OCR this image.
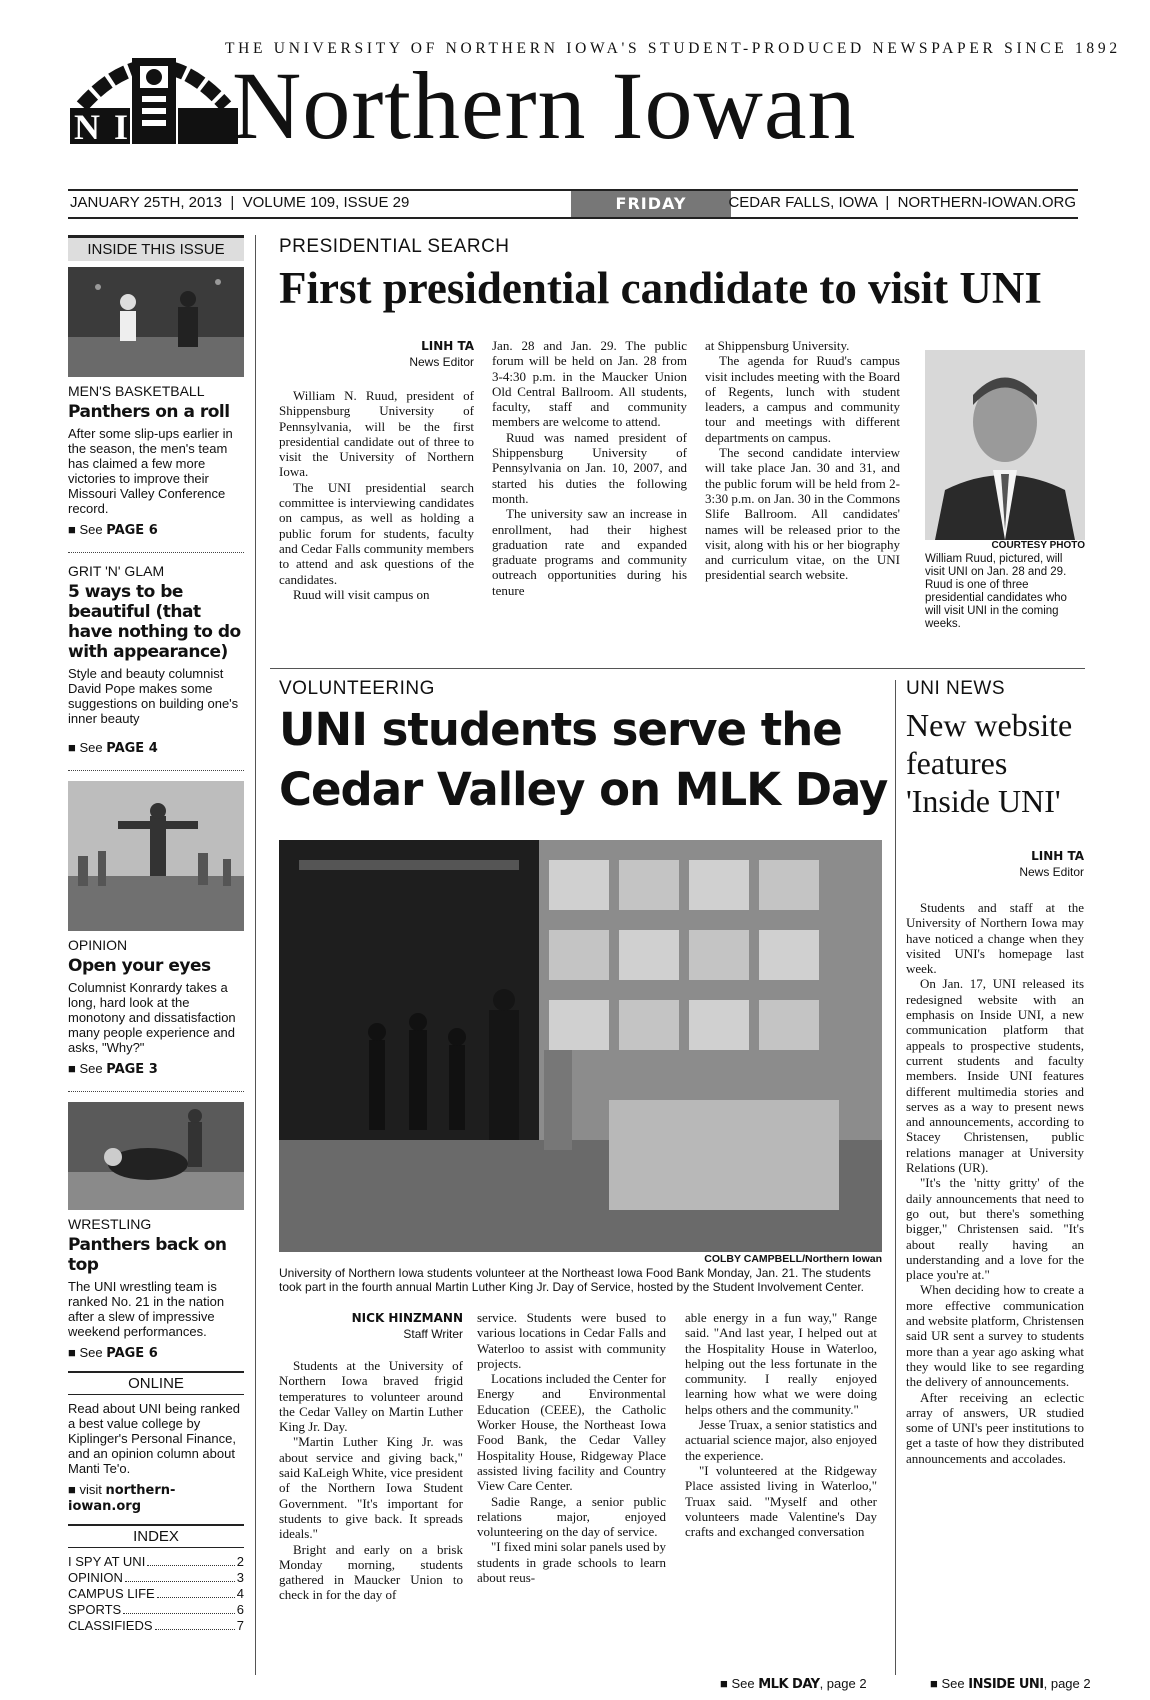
THE UNIVERSITY OF NORTHERN IOWA'S STUDENT-PRODUCED NEWSPAPER SINCE 1892
NI Northern Iowan
JANUARY 25TH, 2013  |  VOLUME 109, ISSUE 29	FRIDAY	CEDAR FALLS, IOWA  |  NORTHERN-IOWAN.ORG
INSIDE THIS ISSUE
MEN'S BASKETBALL
Panthers on a roll
After some slip-ups earlier in the season, the men's team has claimed a few more victories to improve their Missouri Valley Conference record.
■ See PAGE 6
GRIT 'N' GLAM
5 ways to be beautiful (that have nothing to do with appearance)
Style and beauty columnist David Pope makes some suggestions on building one's inner beauty
■ See PAGE 4
OPINION
Open your eyes
Columnist Konrardy takes a long, hard look at the monotony and dissatisfaction many people experience and asks, "Why?"
■ See PAGE 3
WRESTLING
Panthers back on top
The UNI wrestling team is ranked No. 21 in the nation after a slew of impressive weekend performances.
■ See PAGE 6
ONLINE
Read about UNI being ranked a best value college by Kiplinger's Personal Finance, and an opinion column about Manti Te'o.
■ visit northern-iowan.org
INDEX
I SPY AT UNI	2
OPINION	3
CAMPUS LIFE	4
SPORTS	6
CLASSIFIEDS	7
PRESIDENTIAL SEARCH
First presidential candidate to visit UNI
LINH TA
News Editor

William N. Ruud, president of Shippensburg University of Pennsylvania, will be the first presidential candidate out of three to visit the University of Northern Iowa.

The UNI presidential search committee is interviewing candidates on campus, as well as holding a public forum for students, faculty and Cedar Falls community members to attend and ask questions of the candidates.

Ruud will visit campus on

Jan. 28 and Jan. 29. The public forum will be held on Jan. 28 from 3-4:30 p.m. in the Maucker Union Old Central Ballroom. All students, faculty, staff and community members are welcome to attend.

Ruud was named president of Shippensburg University of Pennsylvania on Jan. 10, 2007, and started his duties the following month.

The university saw an increase in enrollment, had their highest graduation rate and expanded graduate programs and community outreach opportunities during his tenure

at Shippensburg University.

The agenda for Ruud's campus visit includes meeting with the Board of Regents, lunch with student leaders, a campus and community tour and meetings with different departments on campus.

The second candidate interview will take place Jan. 30 and 31, and the public forum will be held from 2-3:30 p.m. on Jan. 30 in the Commons Slife Ballroom. All candidates' names will be released prior to the visit, along with his or her biography and curriculum vitae, on the UNI presidential search website.

COURTESY PHOTO
William Ruud, pictured, will visit UNI on Jan. 28 and 29. Ruud is one of three presidential candidates who will visit UNI in the coming weeks.
VOLUNTEERING
UNI students serve the Cedar Valley on MLK Day
COLBY CAMPBELL/Northern Iowan
University of Northern Iowa students volunteer at the Northeast Iowa Food Bank Monday, Jan. 21. The students took part in the fourth annual Martin Luther King Jr. Day of Service, hosted by the Student Involvement Center.
NICK HINZMANN
Staff Writer

Students at the University of Northern Iowa braved frigid temperatures to volunteer around the Cedar Valley on Martin Luther King Jr. Day.

"Martin Luther King Jr. was about service and giving back," said KaLeigh White, vice president of the Northern Iowa Student Government. "It's important for students to give back. It spreads ideals."

Bright and early on a brisk Monday morning, students gathered in Maucker Union to check in for the day of

service. Students were bused to various locations in Cedar Falls and Waterloo to assist with community projects.

Locations included the Center for Energy and Environmental Education (CEEE), the Catholic Worker House, the Northeast Iowa Food Bank, the Cedar Valley Hospitality House, Ridgeway Place assisted living facility and Country View Care Center.

Sadie Range, a senior public relations major, enjoyed volunteering on the day of service.

"I fixed mini solar panels used by students in grade schools to learn about reus-

able energy in a fun way," Range said. "And last year, I helped out at the Hospitality House in Waterloo, helping out the less fortunate in the community. I really enjoyed learning how what we were doing helps others and the community."

Jesse Truax, a senior statistics and actuarial science major, also enjoyed the experience.

"I volunteered at the Ridgeway Place assisted living in Waterloo," Truax said. "Myself and other volunteers made Valentine's Day crafts and exchanged conversation

■ See MLK DAY, page 2
UNI NEWS
New website features 'Inside UNI'
LINH TA
News Editor

Students and staff at the University of Northern Iowa may have noticed a change when they visited UNI's homepage last week.

On Jan. 17, UNI released its redesigned website with an emphasis on Inside UNI, a new communication platform that appeals to prospective students, current students and faculty members. Inside UNI features different multimedia stories and serves as a way to present news and announcements, according to Stacey Christensen, public relations manager at University Relations (UR).

"It's the 'nitty gritty' of the daily announcements that need to go out, but there's something bigger," Christensen said. "It's about really having an understanding and a love for the place you're at."

When deciding how to create a more effective communication and website platform, Christensen said UR sent a survey to students more than a year ago asking what they would like to see regarding the delivery of announcements.

After receiving an eclectic array of answers, UR studied some of UNI's peer institutions to get a taste of how they distributed announcements and accolades.

■ See INSIDE UNI, page 2
